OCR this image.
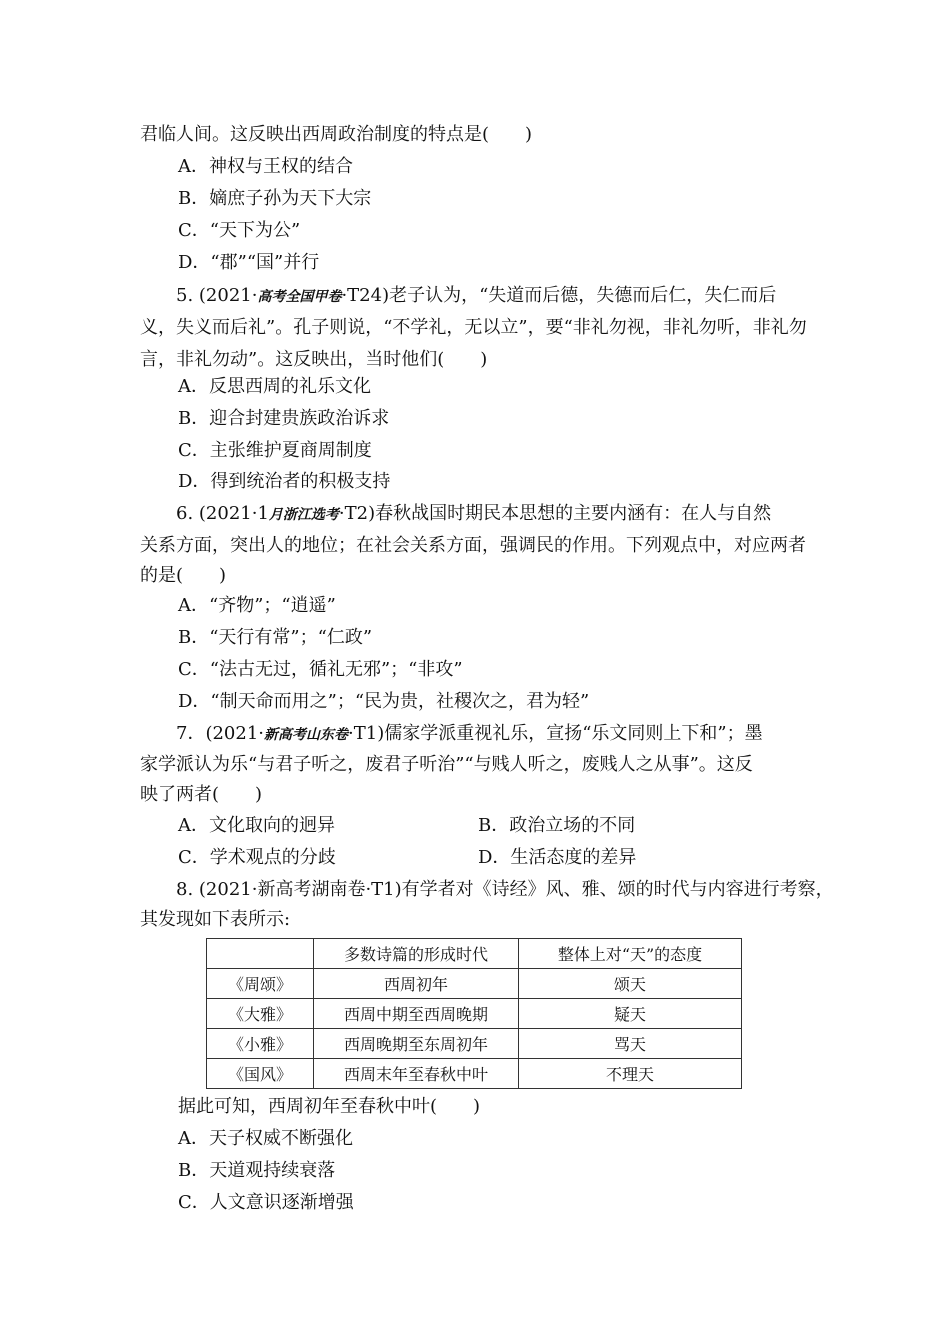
君临人间。这反映出西周政治制度的特点是(　　)
A．神权与王权的结合
B．嫡庶子孙为天下大宗
C．“天下为公”
D．“郡”“国”并行
5. (2021·高考全国甲卷·T24)老子认为，“失道而后德，失德而后仁，失仁而后
义，失义而后礼”。孔子则说，“不学礼，无以立”，要“非礼勿视，非礼勿听，非礼勿
言，非礼勿动”。这反映出，当时他们(　　)
A．反思西周的礼乐文化
B．迎合封建贵族政治诉求
C．主张维护夏商周制度
D．得到统治者的积极支持
6. (2021·1月浙江选考·T2)春秋战国时期民本思想的主要内涵有：在人与自然
关系方面，突出人的地位；在社会关系方面，强调民的作用。下列观点中，对应两者
的是(　　)
A．“齐物”；“逍遥”
B．“天行有常”；“仁政”
C．“法古无过，循礼无邪”；“非攻”
D．“制天命而用之”；“民为贵，社稷次之，君为轻”
7．(2021·新高考山东卷·T1)儒家学派重视礼乐，宣扬“乐文同则上下和”；墨
家学派认为乐“与君子听之，废君子听治”“与贱人听之，废贱人之从事”。这反
映了两者(　　)
A．文化取向的迥异	B．政治立场的不同
C．学术观点的分歧	D．生活态度的差异
8. (2021·新高考湖南卷·T1)有学者对《诗经》风、雅、颂的时代与内容进行考察，
其发现如下表所示:
	多数诗篇的形成时代	整体上对“天”的态度
《周颂》	西周初年	颂天
《大雅》	西周中期至西周晚期	疑天
《小雅》	西周晚期至东周初年	骂天
《国风》	西周末年至春秋中叶	不理天
据此可知，西周初年至春秋中叶(　　)
A．天子权威不断强化
B．天道观持续衰落
C．人文意识逐渐增强
